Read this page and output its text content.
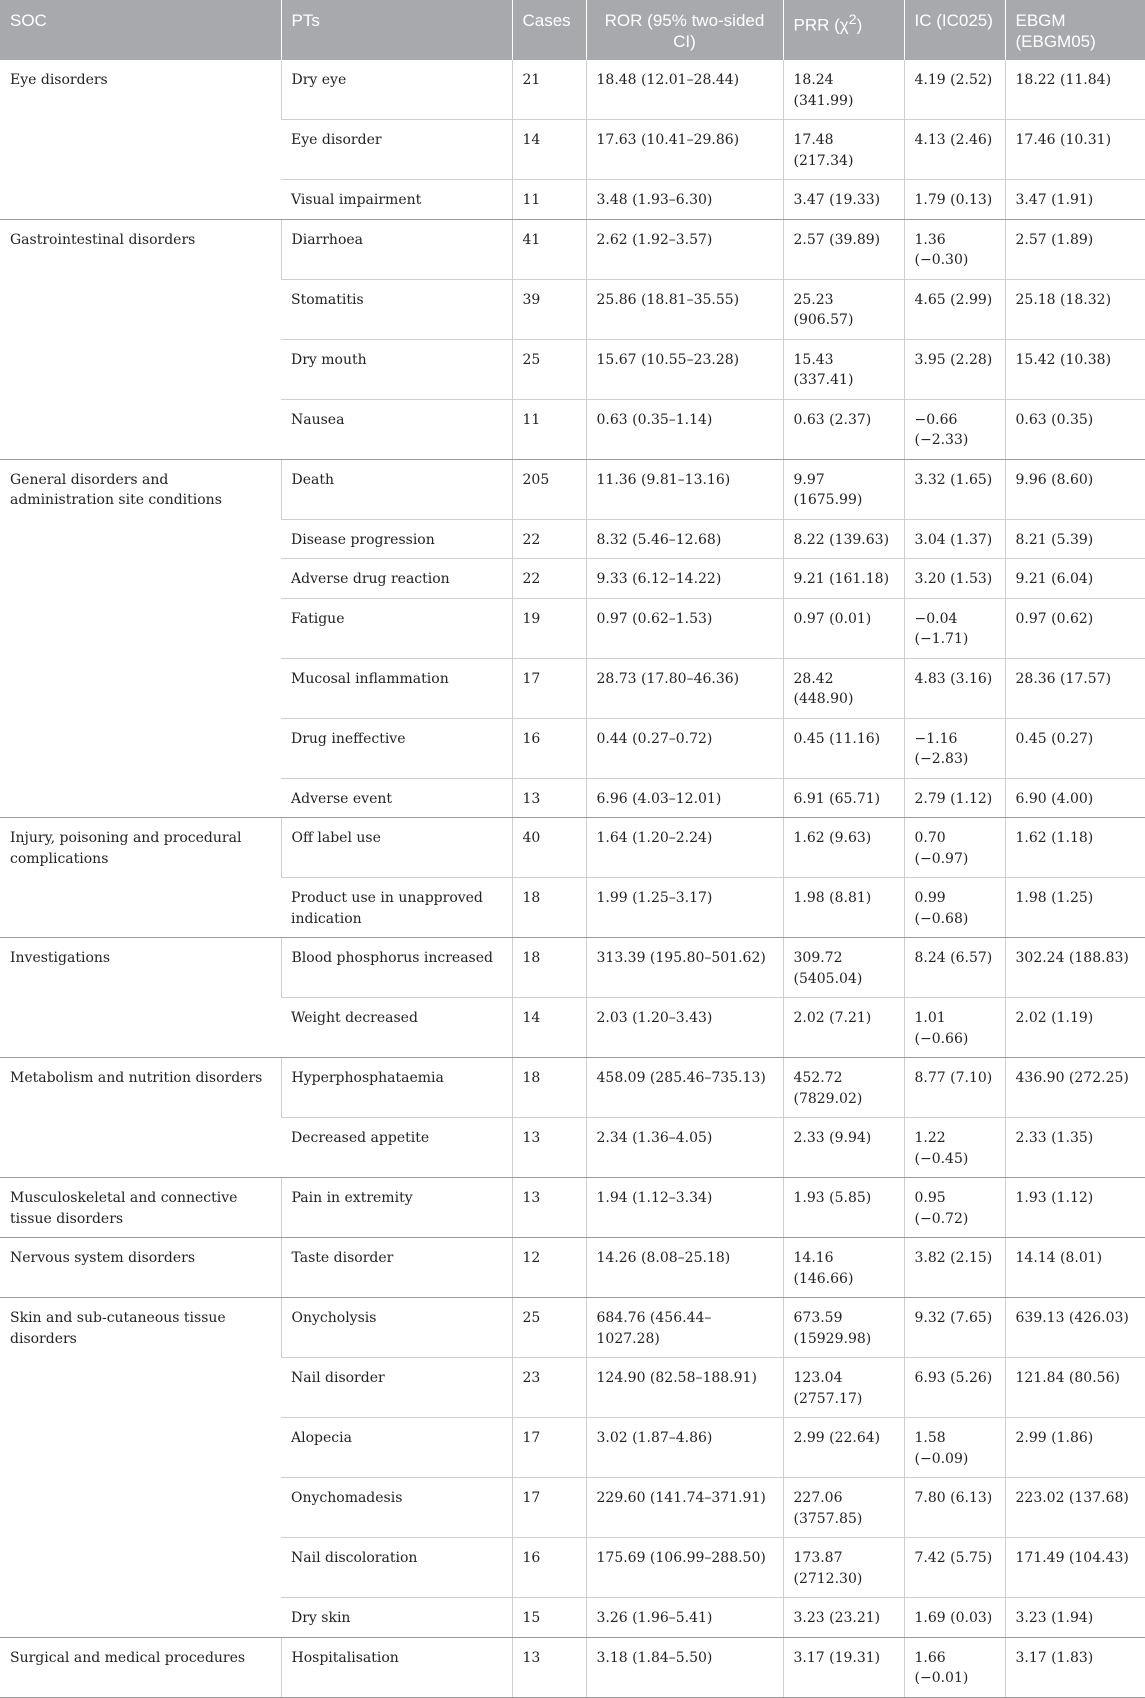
SOC	PTs	Cases	ROR (95% two-sided CI)	PRR $(\chi^2)$	IC (IC025)	EBGM (EBGM05)
Eye disorders	Dry eye	21	18.48 (12.01–28.44)	18.24 (341.99)	4.19 (2.52)	18.22 (11.84)
	Eye disorder	14	17.63 (10.41–29.86)	17.48 (217.34)	4.13 (2.46)	17.46 (10.31)
	Visual impairment	11	3.48 (1.93–6.30)	3.47 (19.33)	1.79 (0.13)	3.47 (1.91)
Gastrointestinal disorders	Diarrhoea	41	2.62 (1.92–3.57)	2.57 (39.89)	1.36 (−0.30)	2.57 (1.89)
	Stomatitis	39	25.86 (18.81–35.55)	25.23 (906.57)	4.65 (2.99)	25.18 (18.32)
	Dry mouth	25	15.67 (10.55–23.28)	15.43 (337.41)	3.95 (2.28)	15.42 (10.38)
	Nausea	11	0.63 (0.35–1.14)	0.63 (2.37)	−0.66 (−2.33)	0.63 (0.35)
General disorders and administration site conditions	Death	205	11.36 (9.81–13.16)	9.97 (1675.99)	3.32 (1.65)	9.96 (8.60)
	Disease progression	22	8.32 (5.46–12.68)	8.22 (139.63)	3.04 (1.37)	8.21 (5.39)
	Adverse drug reaction	22	9.33 (6.12–14.22)	9.21 (161.18)	3.20 (1.53)	9.21 (6.04)
	Fatigue	19	0.97 (0.62–1.53)	0.97 (0.01)	−0.04 (−1.71)	0.97 (0.62)
	Mucosal inflammation	17	28.73 (17.80–46.36)	28.42 (448.90)	4.83 (3.16)	28.36 (17.57)
	Drug ineffective	16	0.44 (0.27–0.72)	0.45 (11.16)	−1.16 (−2.83)	0.45 (0.27)
	Adverse event	13	6.96 (4.03–12.01)	6.91 (65.71)	2.79 (1.12)	6.90 (4.00)
Injury, poisoning and procedural complications	Off label use	40	1.64 (1.20–2.24)	1.62 (9.63)	0.70 (−0.97)	1.62 (1.18)
	Product use in unapproved indication	18	1.99 (1.25–3.17)	1.98 (8.81)	0.99 (−0.68)	1.98 (1.25)
Investigations	Blood phosphorus increased	18	313.39 (195.80–501.62)	309.72 (5405.04)	8.24 (6.57)	302.24 (188.83)
	Weight decreased	14	2.03 (1.20–3.43)	2.02 (7.21)	1.01 (−0.66)	2.02 (1.19)
Metabolism and nutrition disorders	Hyperphosphataemia	18	458.09 (285.46–735.13)	452.72 (7829.02)	8.77 (7.10)	436.90 (272.25)
	Decreased appetite	13	2.34 (1.36–4.05)	2.33 (9.94)	1.22 (−0.45)	2.33 (1.35)
Musculoskeletal and connective tissue disorders	Pain in extremity	13	1.94 (1.12–3.34)	1.93 (5.85)	0.95 (−0.72)	1.93 (1.12)
Nervous system disorders	Taste disorder	12	14.26 (8.08–25.18)	14.16 (146.66)	3.82 (2.15)	14.14 (8.01)
Skin and sub-cutaneous tissue disorders	Onycholysis	25	684.76 (456.44–1027.28)	673.59 (15929.98)	9.32 (7.65)	639.13 (426.03)
	Nail disorder	23	124.90 (82.58–188.91)	123.04 (2757.17)	6.93 (5.26)	121.84 (80.56)
	Alopecia	17	3.02 (1.87–4.86)	2.99 (22.64)	1.58 (−0.09)	2.99 (1.86)
	Onychomadesis	17	229.60 (141.74–371.91)	227.06 (3757.85)	7.80 (6.13)	223.02 (137.68)
	Nail discoloration	16	175.69 (106.99–288.50)	173.87 (2712.30)	7.42 (5.75)	171.49 (104.43)
	Dry skin	15	3.26 (1.96–5.41)	3.23 (23.21)	1.69 (0.03)	3.23 (1.94)
Surgical and medical procedures	Hospitalisation	13	3.18 (1.84–5.50)	3.17 (19.31)	1.66 (−0.01)	3.17 (1.83)
